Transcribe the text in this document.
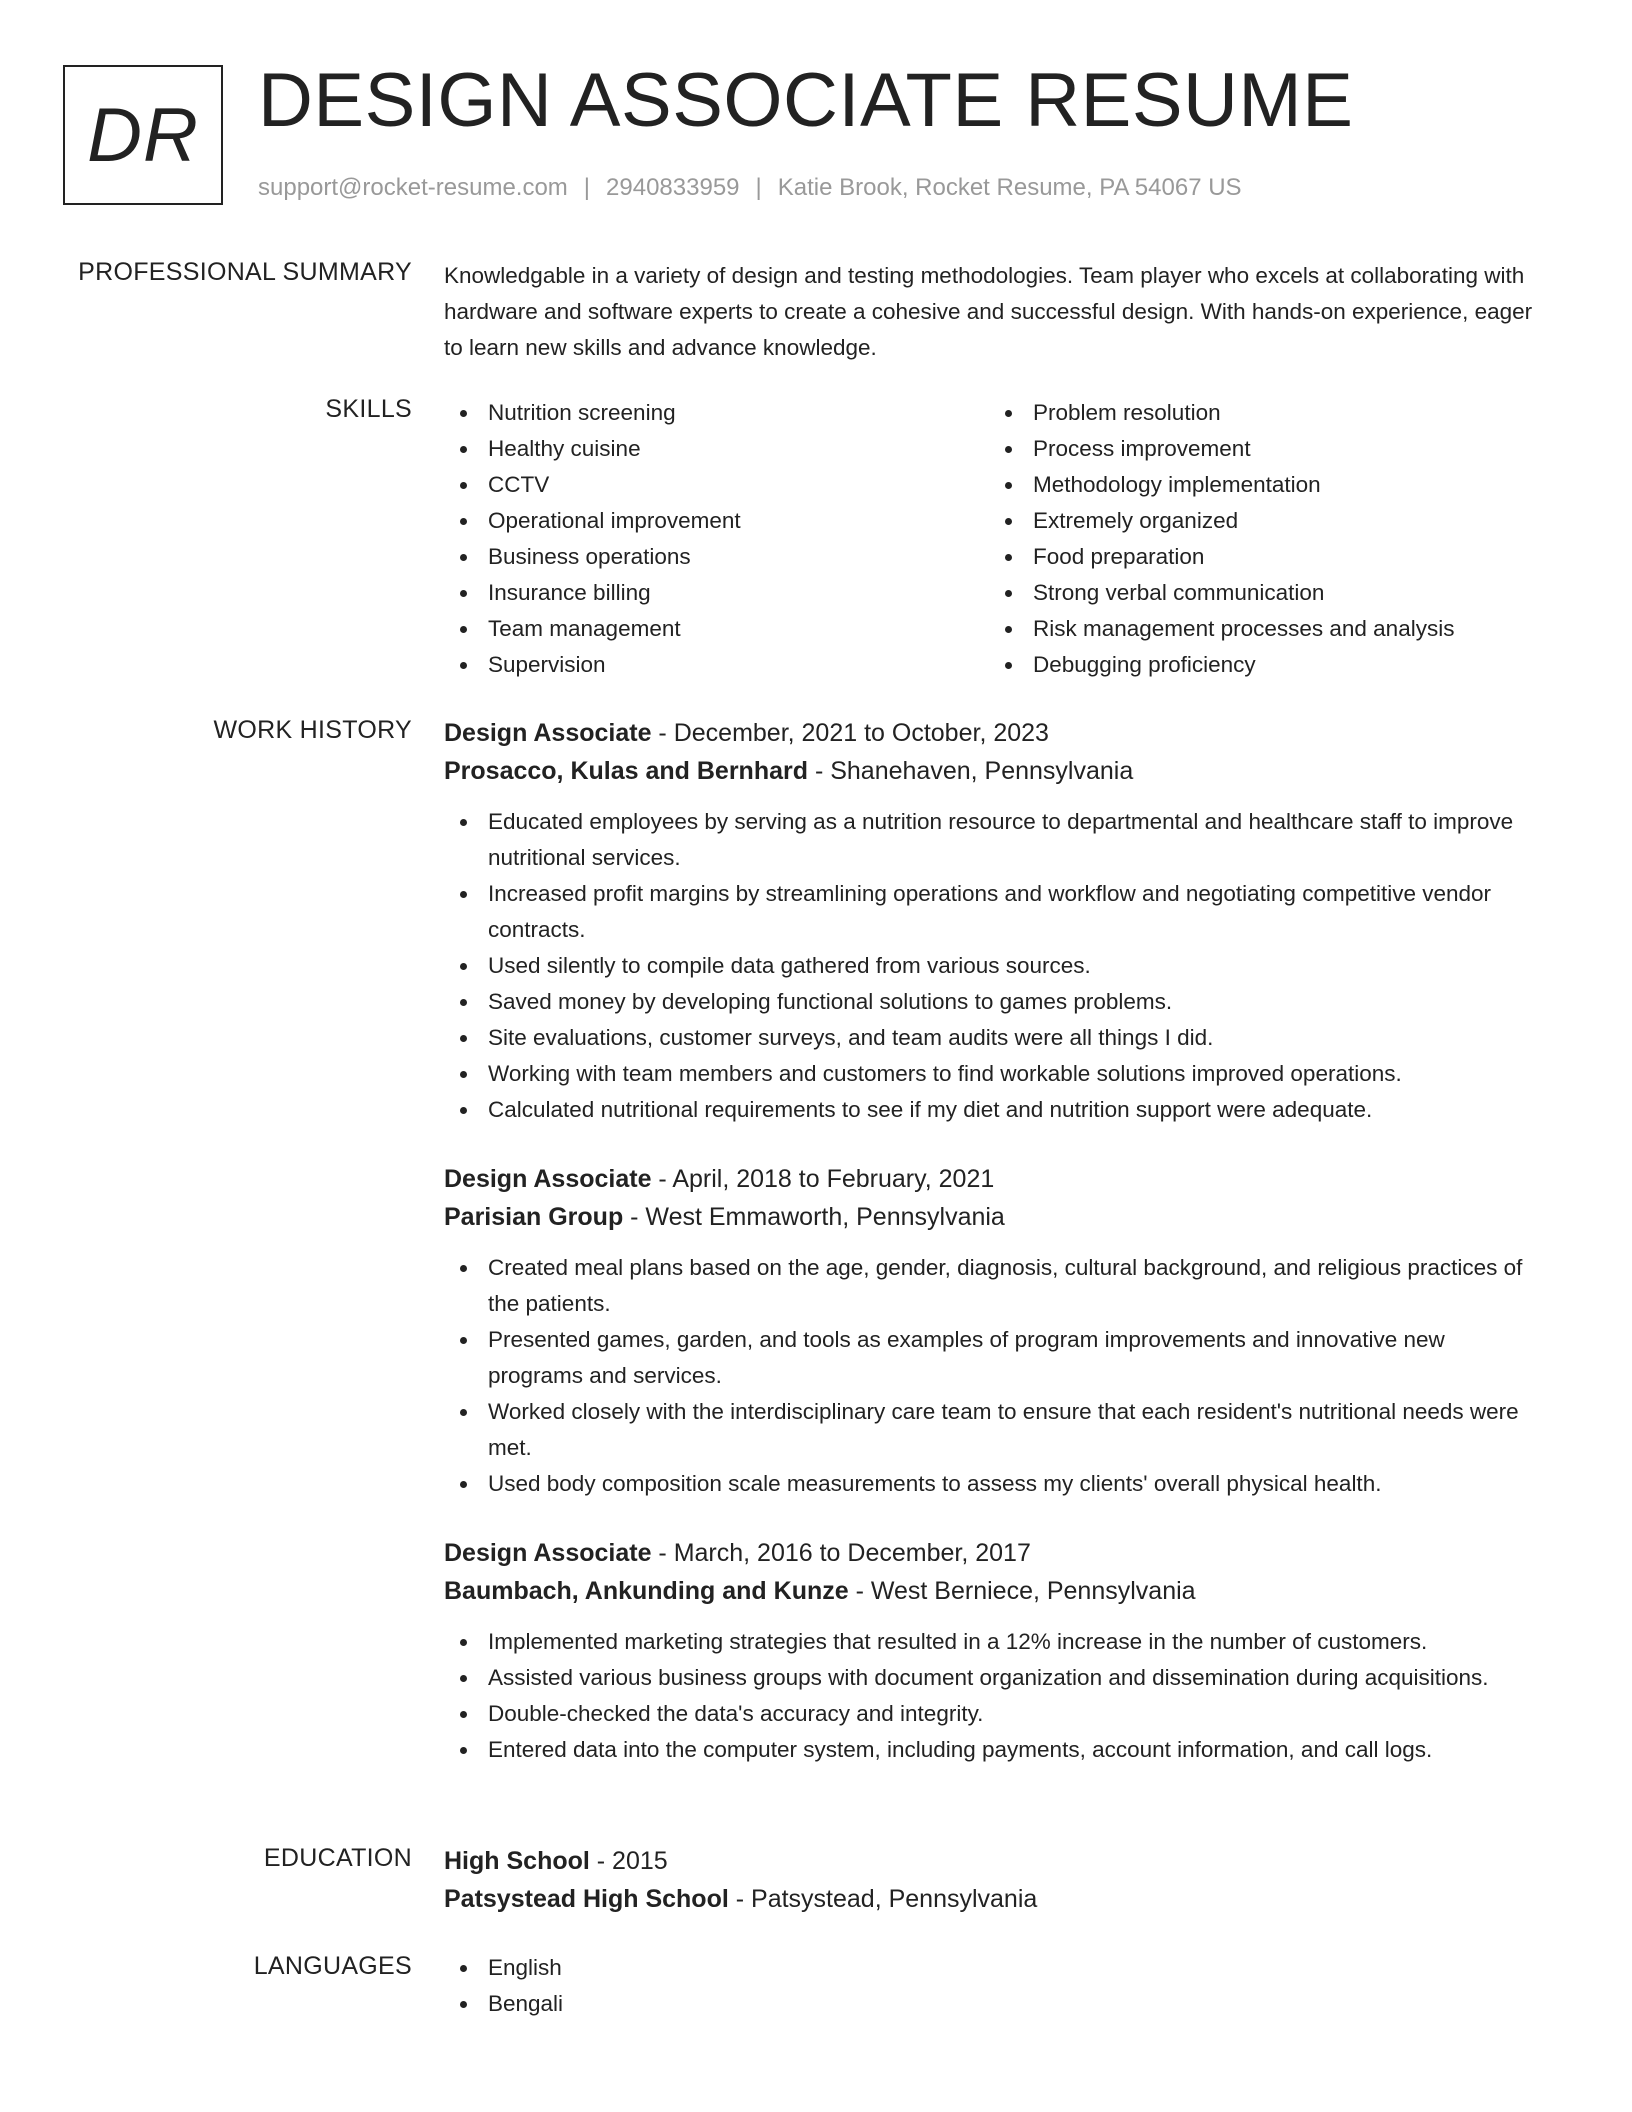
DR DESIGN ASSOCIATE RESUME
support@rocket-resume.com | 2940833959 | Katie Brook, Rocket Resume, PA 54067 US
PROFESSIONAL SUMMARY Knowledgable in a variety of design and testing methodologies. Team player who excels at collaborating with hardware and software experts to create a cohesive and successful design. With hands-on experience, eager to learn new skills and advance knowledge.
SKILLS	Nutrition screening
Healthy cuisine
CCTV
Operational improvement
Business operations
Insurance billing
Team management
Supervision
Problem resolution
Process improvement
Methodology implementation
Extremely organized
Food preparation
Strong verbal communication
Risk management processes and analysis
Debugging proficiency
WORK HISTORY Design Associate - December, 2021 to October, 2023
Prosacco, Kulas and Bernhard - Shanehaven, Pennsylvania
Educated employees by serving as a nutrition resource to departmental and healthcare staff to improve nutritional services.
Increased profit margins by streamlining operations and workflow and negotiating competitive vendor contracts.
Used silently to compile data gathered from various sources.
Saved money by developing functional solutions to games problems.
Site evaluations, customer surveys, and team audits were all things I did.
Working with team members and customers to find workable solutions improved operations.
Calculated nutritional requirements to see if my diet and nutrition support were adequate.
Design Associate - April, 2018 to February, 2021
Parisian Group - West Emmaworth, Pennsylvania
Created meal plans based on the age, gender, diagnosis, cultural background, and religious practices of the patients.
Presented games, garden, and tools as examples of program improvements and innovative new programs and services.
Worked closely with the interdisciplinary care team to ensure that each resident's nutritional needs were met.
Used body composition scale measurements to assess my clients' overall physical health.
Design Associate - March, 2016 to December, 2017
Baumbach, Ankunding and Kunze - West Berniece, Pennsylvania
Implemented marketing strategies that resulted in a 12% increase in the number of customers.
Assisted various business groups with document organization and dissemination during acquisitions.
Double-checked the data's accuracy and integrity.
Entered data into the computer system, including payments, account information, and call logs.
EDUCATION High School - 2015
Patsystead High School - Patsystead, Pennsylvania
LANGUAGES	English
Bengali
